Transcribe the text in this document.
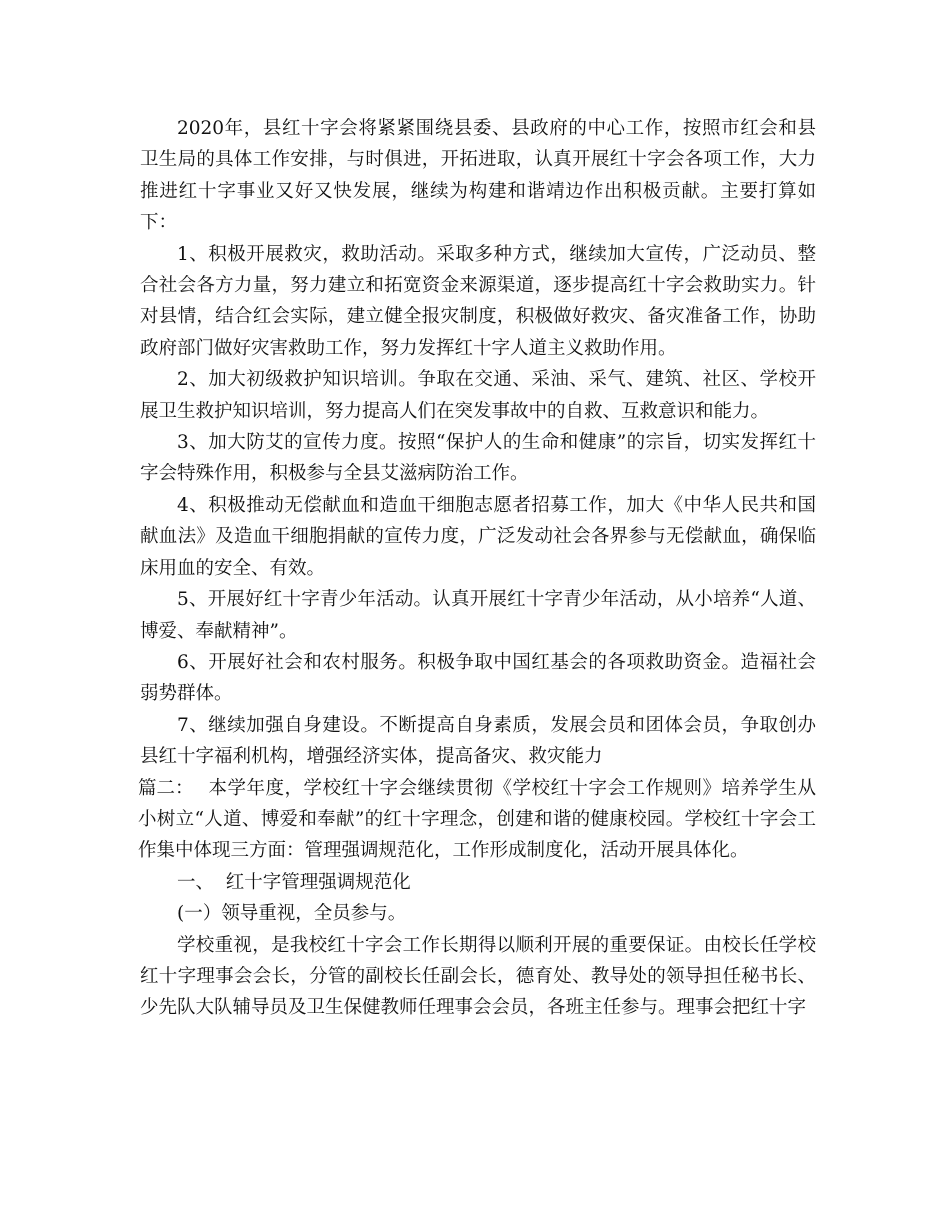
2020年，县红十字会将紧紧围绕县委、县政府的中心工作，按照市红会和县卫生局的具体工作安排，与时俱进，开拓进取，认真开展红十字会各项工作，大力推进红十字事业又好又快发展，继续为构建和谐靖边作出积极贡献。主要打算如下：

1、积极开展救灾，救助活动。采取多种方式，继续加大宣传，广泛动员、整合社会各方力量，努力建立和拓宽资金来源渠道，逐步提高红十字会救助实力。针对县情，结合红会实际，建立健全报灾制度，积极做好救灾、备灾准备工作，协助政府部门做好灾害救助工作，努力发挥红十字人道主义救助作用。

2、加大初级救护知识培训。争取在交通、采油、采气、建筑、社区、学校开展卫生救护知识培训，努力提高人们在突发事故中的自救、互救意识和能力。

3、加大防艾的宣传力度。按照“保护人的生命和健康”的宗旨，切实发挥红十字会特殊作用，积极参与全县艾滋病防治工作。

4、积极推动无偿献血和造血干细胞志愿者招募工作，加大《中华人民共和国献血法》及造血干细胞捐献的宣传力度，广泛发动社会各界参与无偿献血，确保临床用血的安全、有效。

5、开展好红十字青少年活动。认真开展红十字青少年活动，从小培养“人道、博爱、奉献精神”。

6、开展好社会和农村服务。积极争取中国红基会的各项救助资金。造福社会弱势群体。

7、继续加强自身建设。不断提高自身素质，发展会员和团体会员，争取创办县红十字福利机构，增强经济实体，提高备灾、救灾能力

篇二： 本学年度，学校红十字会继续贯彻《学校红十字会工作规则》培养学生从小树立“人道、博爱和奉献”的红十字理念，创建和谐的健康校园。学校红十字会工作集中体现三方面：管理强调规范化，工作形成制度化，活动开展具体化。

一、  红十字管理强调规范化

(一）领导重视，全员参与。

学校重视，是我校红十字会工作长期得以顺利开展的重要保证。由校长任学校红十字理事会会长，分管的副校长任副会长，德育处、教导处的领导担任秘书长、少先队大队辅导员及卫生保健教师任理事会会员，各班主任参与。理事会把红十字
